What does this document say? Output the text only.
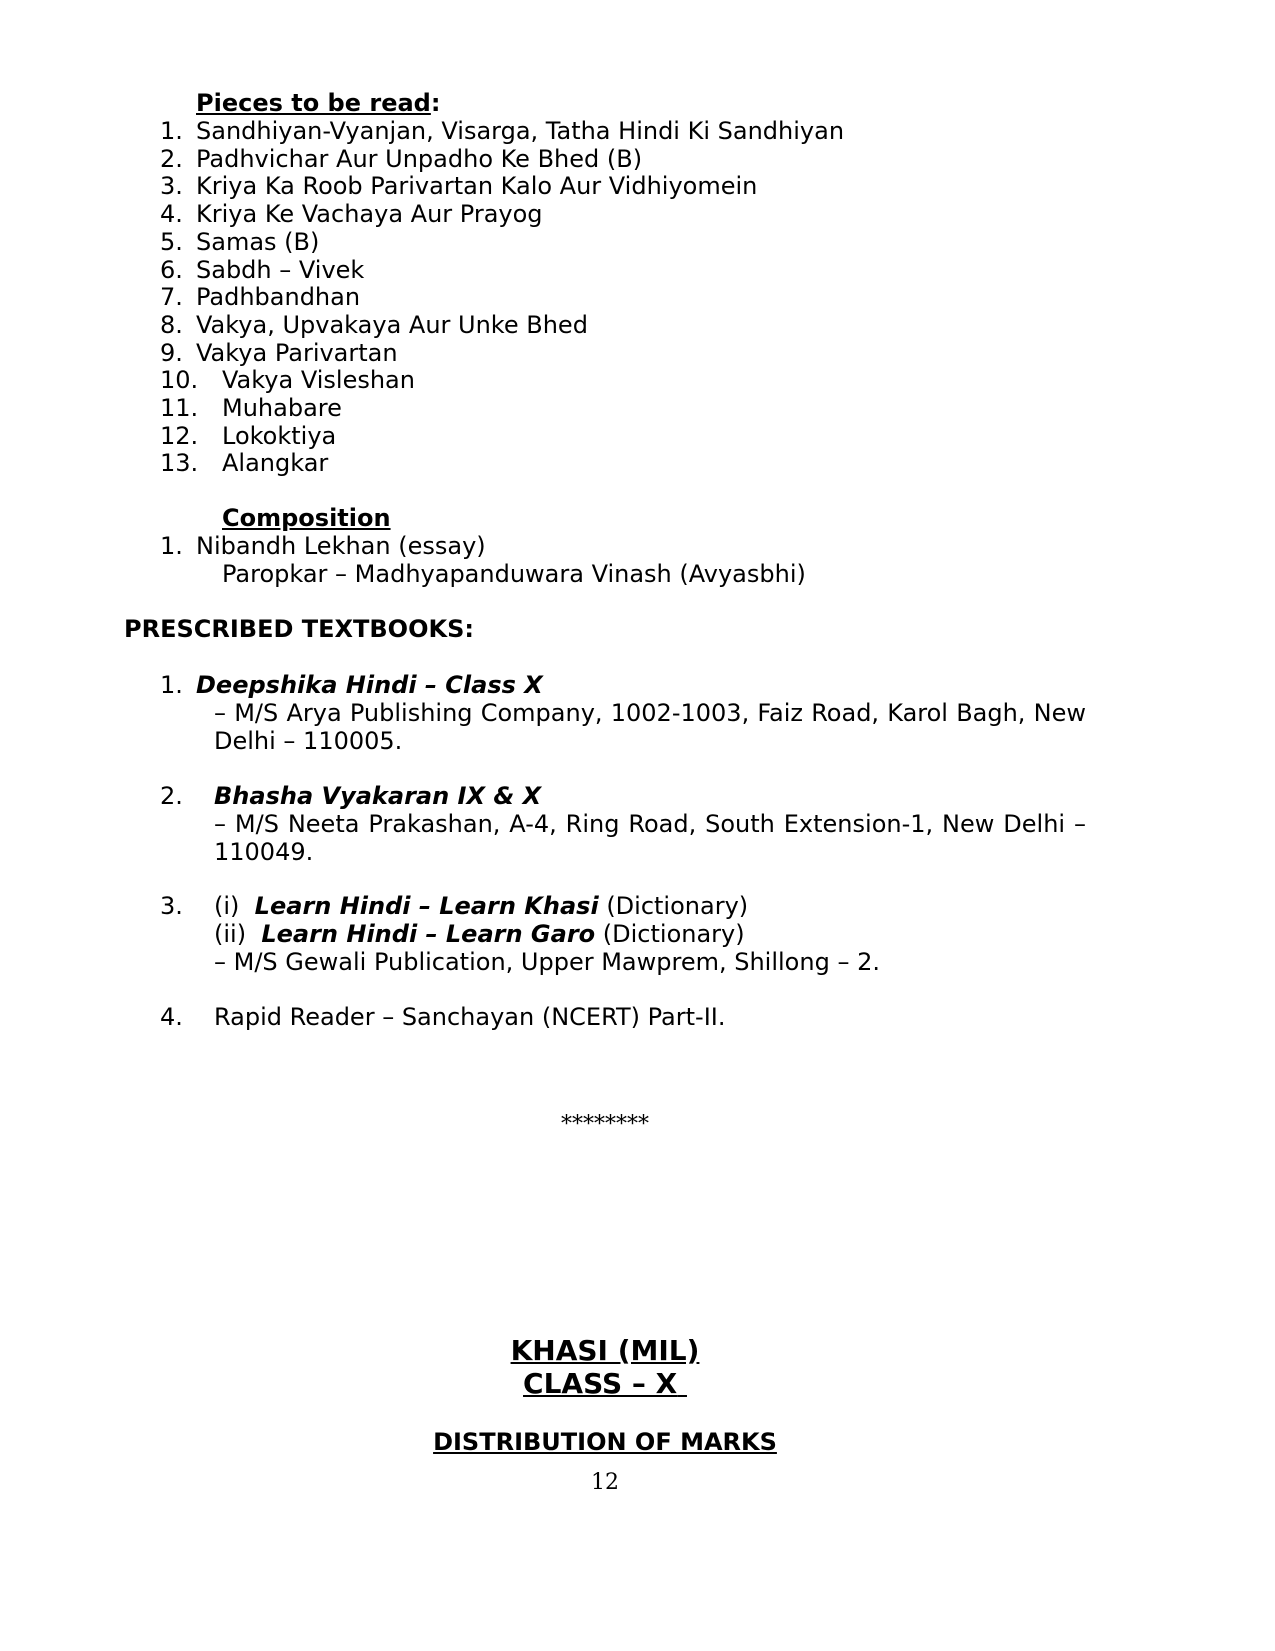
Pieces to be read:
1. Sandhiyan-Vyanjan, Visarga, Tatha Hindi Ki Sandhiyan
2. Padhvichar Aur Unpadho Ke Bhed (B)
3. Kriya Ka Roob Parivartan Kalo Aur Vidhiyomein
4. Kriya Ke Vachaya Aur Prayog
5. Samas (B)
6. Sabdh – Vivek
7. Padhbandhan
8. Vakya, Upvakaya Aur Unke Bhed
9. Vakya Parivartan
10. Vakya Visleshan
11. Muhabare
12. Lokoktiya
13. Alangkar
Composition
1. Nibandh Lekhan (essay)
Paropkar – Madhyapanduwara Vinash (Avyasbhi)
PRESCRIBED TEXTBOOKS:
1. Deepshika Hindi – Class X
– M/S Arya Publishing Company, 1002-1003, Faiz Road, Karol Bagh, New
Delhi – 110005.
2. Bhasha Vyakaran IX & X
– M/S Neeta Prakashan, A-4, Ring Road, South Extension-1, New Delhi –
110049.
3. (i) Learn Hindi – Learn Khasi (Dictionary)
(ii) Learn Hindi – Learn Garo (Dictionary)
– M/S Gewali Publication, Upper Mawprem, Shillong – 2.
4. Rapid Reader – Sanchayan (NCERT) Part-II.
********
KHASI (MIL)
CLASS – X
DISTRIBUTION OF MARKS
12
